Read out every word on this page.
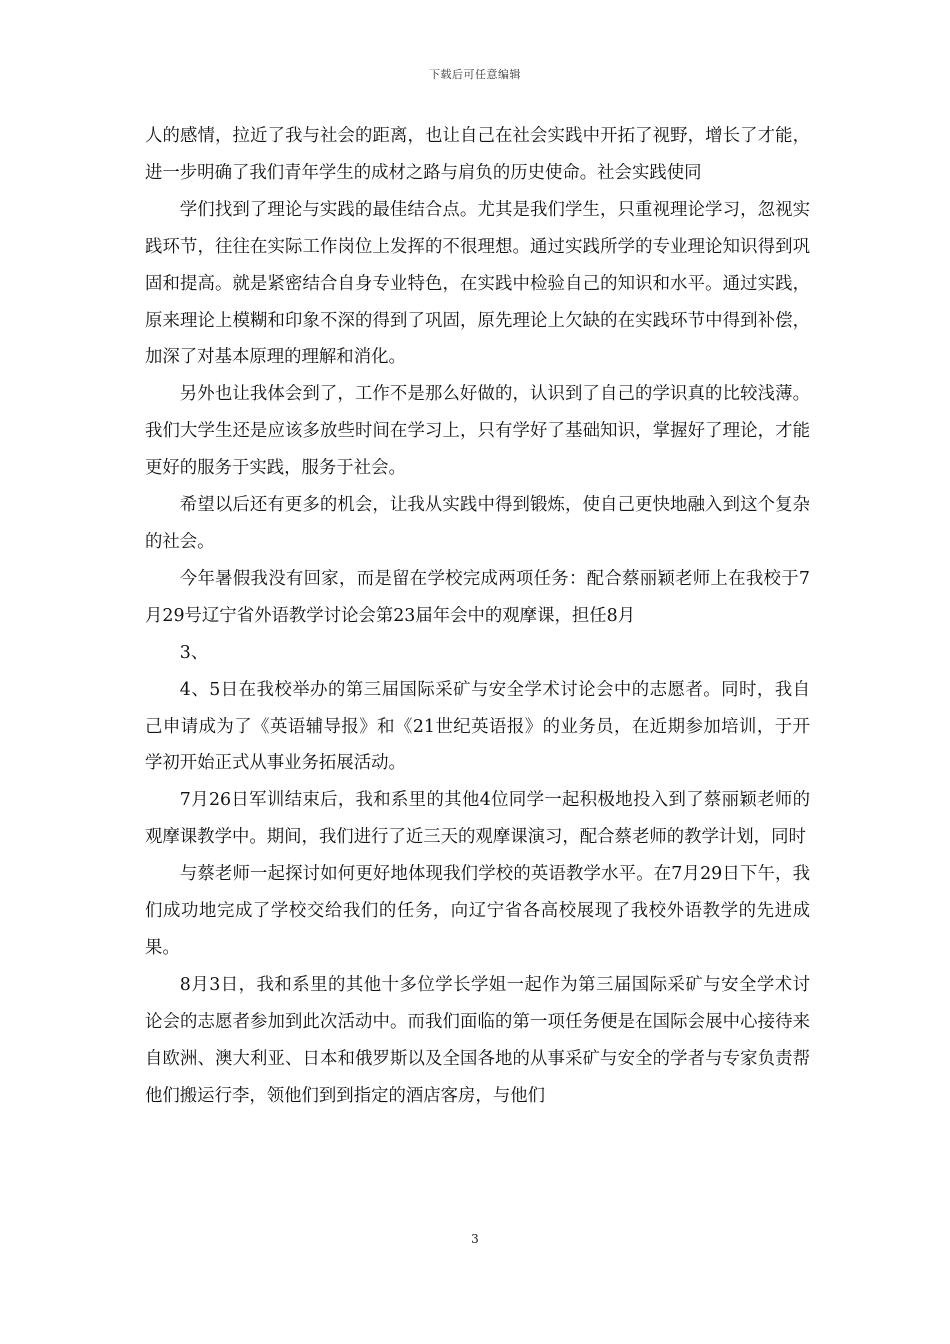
下载后可任意编辑

人的感情，拉近了我与社会的距离，也让自己在社会实践中开拓了视野，增长了才能，进一步明确了我们青年学生的成材之路与肩负的历史使命。社会实践使同

学们找到了理论与实践的最佳结合点。尤其是我们学生，只重视理论学习，忽视实践环节，往往在实际工作岗位上发挥的不很理想。通过实践所学的专业理论知识得到巩固和提高。就是紧密结合自身专业特色，在实践中检验自己的知识和水平。通过实践，原来理论上模糊和印象不深的得到了巩固，原先理论上欠缺的在实践环节中得到补偿，加深了对基本原理的理解和消化。

另外也让我体会到了，工作不是那么好做的，认识到了自己的学识真的比较浅薄。我们大学生还是应该多放些时间在学习上，只有学好了基础知识，掌握好了理论，才能更好的服务于实践，服务于社会。

希望以后还有更多的机会，让我从实践中得到锻炼，使自己更快地融入到这个复杂的社会。

今年暑假我没有回家，而是留在学校完成两项任务：配合蔡丽颖老师上在我校于7月29号辽宁省外语教学讨论会第23届年会中的观摩课，担任8月

3、

4、5日在我校举办的第三届国际采矿与安全学术讨论会中的志愿者。同时，我自己申请成为了《英语辅导报》和《21世纪英语报》的业务员，在近期参加培训，于开学初开始正式从事业务拓展活动。

7月26日军训结束后，我和系里的其他4位同学一起积极地投入到了蔡丽颖老师的观摩课教学中。期间，我们进行了近三天的观摩课演习，配合蔡老师的教学计划，同时

与蔡老师一起探讨如何更好地体现我们学校的英语教学水平。在7月29日下午，我们成功地完成了学校交给我们的任务，向辽宁省各高校展现了我校外语教学的先进成果。

8月3日，我和系里的其他十多位学长学姐一起作为第三届国际采矿与安全学术讨论会的志愿者参加到此次活动中。而我们面临的第一项任务便是在国际会展中心接待来自欧洲、澳大利亚、日本和俄罗斯以及全国各地的从事采矿与安全的学者与专家负责帮他们搬运行李，领他们到到指定的酒店客房，与他们

3
